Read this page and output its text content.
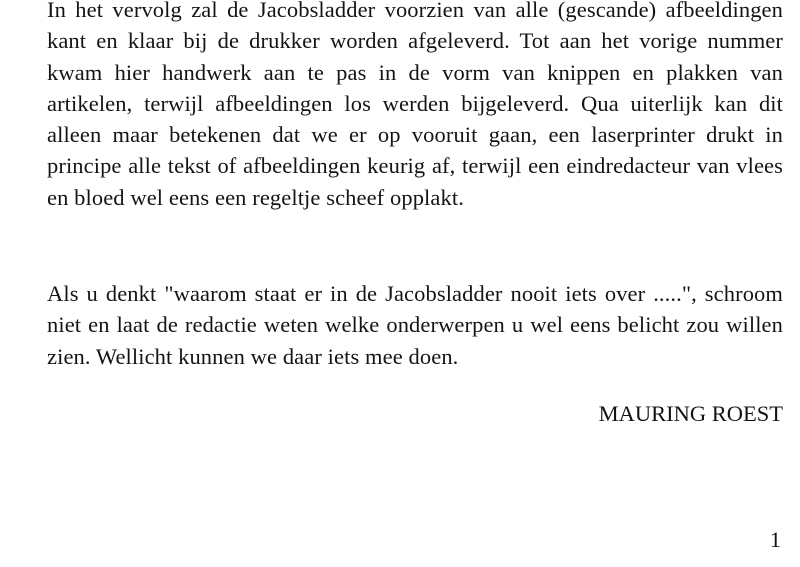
In het vervolg zal de Jacobsladder voorzien van alle (gescande) afbeeldingen kant en klaar bij de drukker worden afgeleverd. Tot aan het vorige nummer kwam hier handwerk aan te pas in de vorm van knippen en plakken van artikelen, terwijl afbeeldingen los werden bijgeleverd. Qua uiterlijk kan dit alleen maar betekenen dat we er op vooruit gaan, een laserprinter drukt in principe alle tekst of afbeeldingen keurig af, terwijl een eindredacteur van vlees en bloed wel eens een regeltje scheef opplakt.

Als u denkt "waarom staat er in de Jacobsladder nooit iets over .....", schroom niet en laat de redactie weten welke onderwerpen u wel eens belicht zou willen zien. Wellicht kunnen we daar iets mee doen.

MAURING ROEST
1
